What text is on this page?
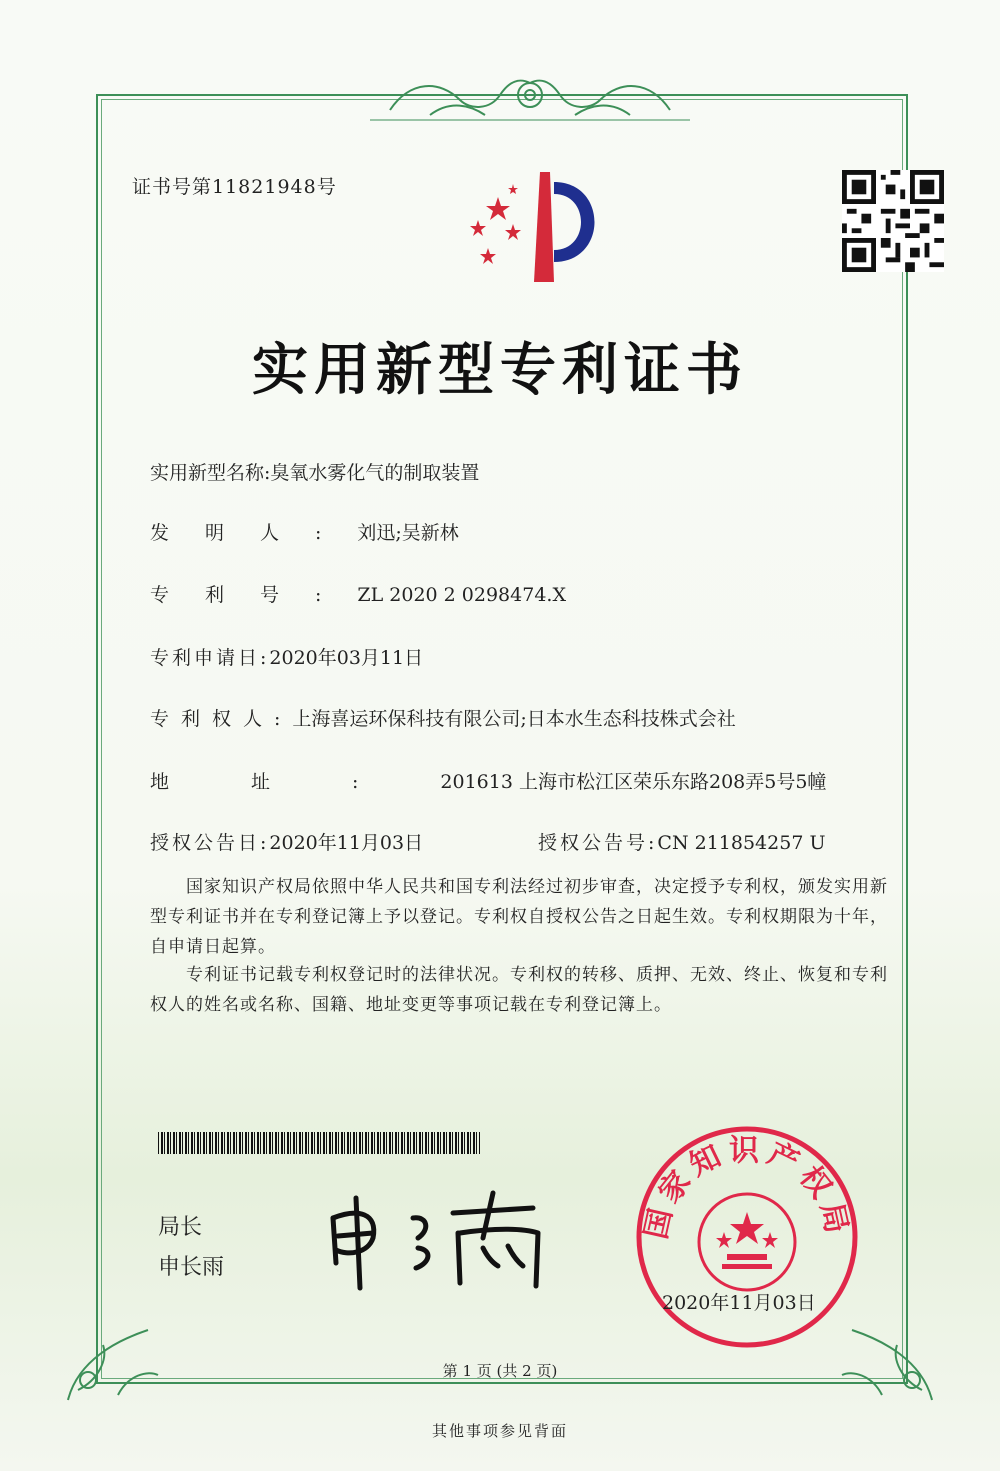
证书号第11821948号
实用新型专利证书
实用新型名称:臭氧水雾化气的制取装置
发明人:刘迅;吴新林
专利号:ZL 2020 2 0298474.X
专利申请日:2020年03月11日
专利权人:上海喜运环保科技有限公司;日本水生态科技株式会社
地址:201613 上海市松江区荣乐东路208弄5号5幢
授权公告日:2020年11月03日	授权公告号:CN 211854257 U
国家知识产权局依照中华人民共和国专利法经过初步审查，决定授予专利权，颁发实用新型专利证书并在专利登记簿上予以登记。专利权自授权公告之日起生效。专利权期限为十年，自申请日起算。
专利证书记载专利权登记时的法律状况。专利权的转移、质押、无效、终止、恢复和专利权人的姓名或名称、国籍、地址变更等事项记载在专利登记簿上。
局长
申长雨
国家知识产权局
2020年11月03日
第 1 页 (共 2 页)
其他事项参见背面
